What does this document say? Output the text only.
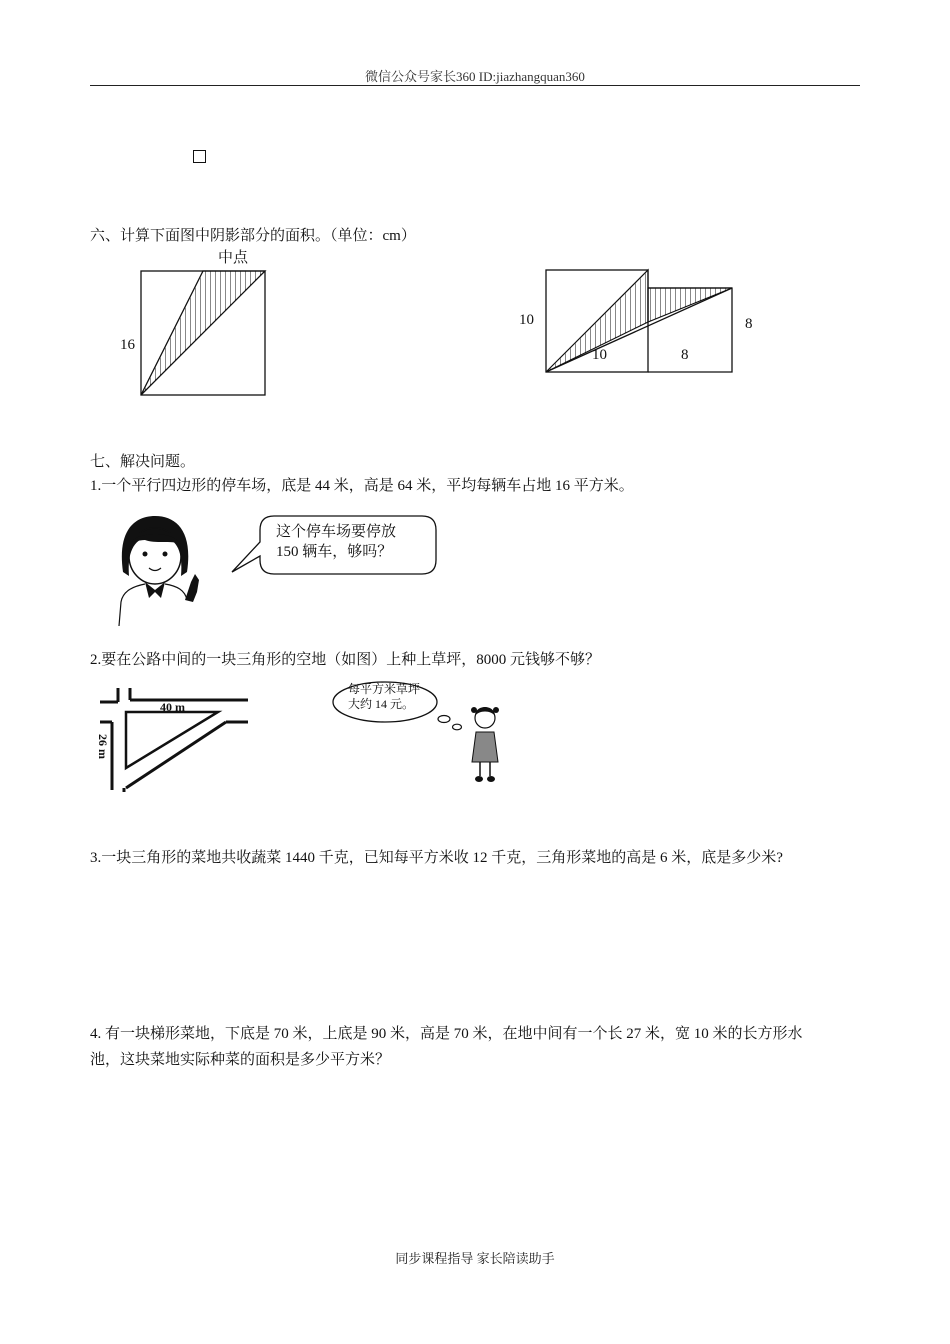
微信公众号家长360 ID:jiazhangquan360
六、计算下面图中阴影部分的面积。（单位：cm）
中点
16
10	8
10	8
七、解决问题。
1.一个平行四边形的停车场，底是 44 米，高是 64 米，平均每辆车占地 16 平方米。
这个停车场要停放
150 辆车，够吗？
2.要在公路中间的一块三角形的空地（如图）上种上草坪，8000 元钱够不够？
40 m
26 m
每平方米草坪
大约 14 元。
3.一块三角形的菜地共收蔬菜 1440 千克，已知每平方米收 12 千克，三角形菜地的高是 6 米，底是多少米?
4. 有一块梯形菜地，下底是 70 米，上底是 90 米，高是 70 米，在地中间有一个长 27 米，宽 10 米的长方形水
池，这块菜地实际种菜的面积是多少平方米？
同步课程指导 家长陪读助手
